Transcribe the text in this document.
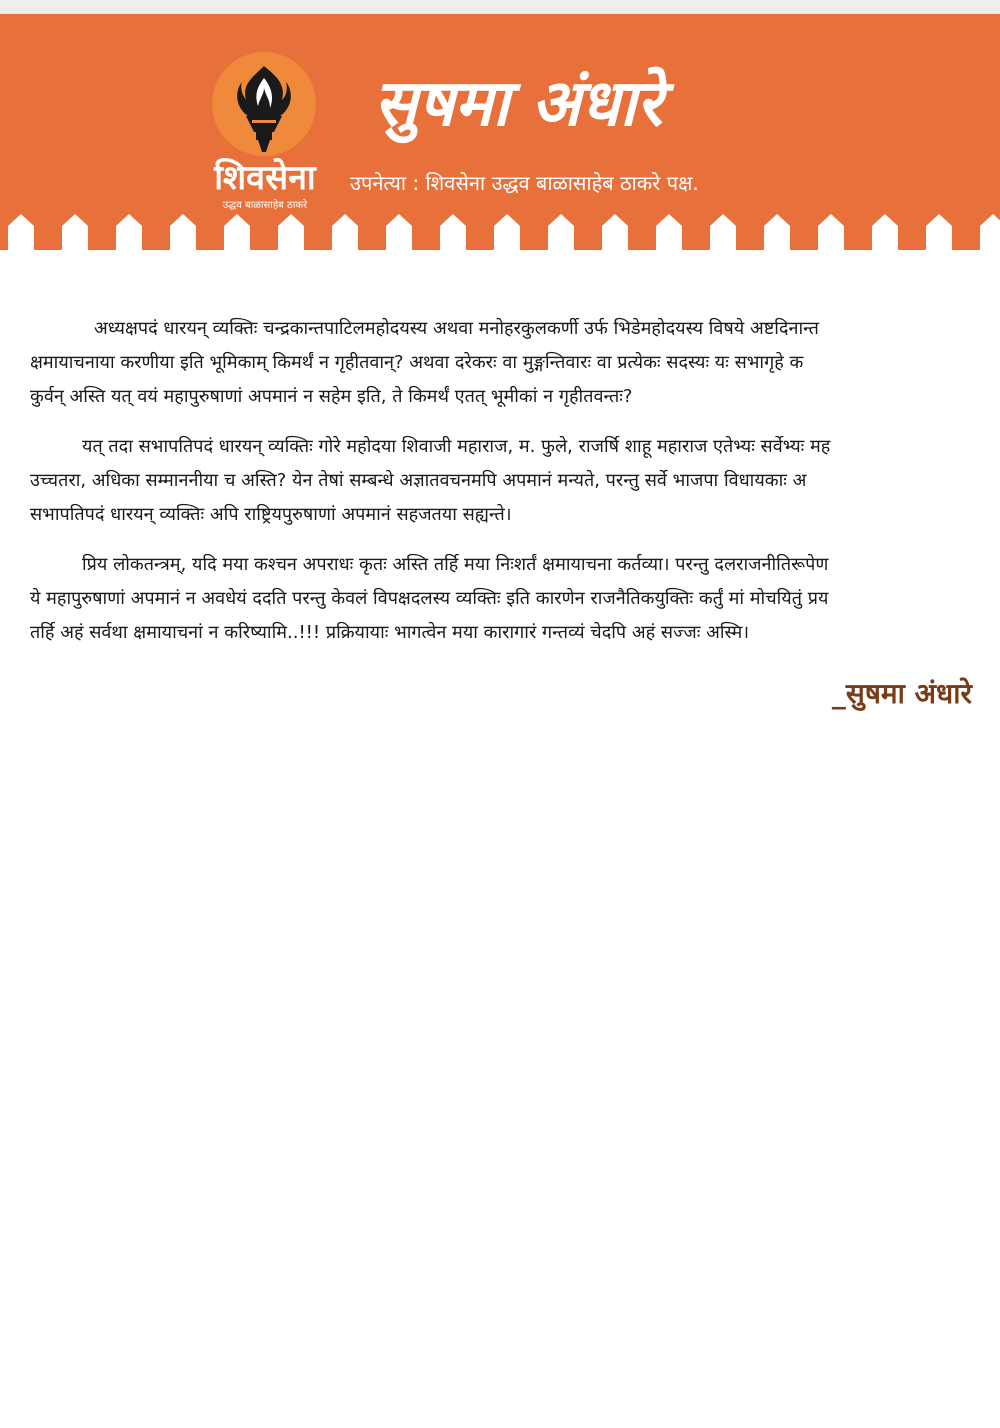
शिवसेना
उद्धव बाळासाहेब ठाकरे
सुषमा अंधारे
उपनेत्या : शिवसेना उद्धव बाळासाहेब ठाकरे पक्ष.
अध्यक्षपदं धारयन् व्यक्तिः चन्द्रकान्तपाटिलमहोदयस्य अथवा मनोहरकुलकर्णी उर्फ भिडेमहोदयस्य विषये अष्टदिनान्त
क्षमायाचनाया करणीया इति भूमिकाम् किमर्थं न गृहीतवान्? अथवा दरेकरः वा मुङ्गन्तिवारः वा प्रत्येकः सदस्यः यः सभागृहे क
कुर्वन् अस्ति यत् वयं महापुरुषाणां अपमानं न सहेम इति, ते किमर्थं एतत् भूमीकां न गृहीतवन्तः?
यत् तदा सभापतिपदं धारयन् व्यक्तिः गोरे महोदया शिवाजी महाराज, म. फुले, राजर्षि शाहू महाराज एतेभ्यः सर्वेभ्यः मह
उच्चतरा, अधिका सम्माननीया च अस्ति? येन तेषां सम्बन्धे अज्ञातवचनमपि अपमानं मन्यते, परन्तु सर्वे भाजपा विधायकाः अ
सभापतिपदं धारयन् व्यक्तिः अपि राष्ट्रियपुरुषाणां अपमानं सहजतया सह्यन्ते।
प्रिय लोकतन्त्रम्, यदि मया कश्चन अपराधः कृतः अस्ति तर्हि मया निःशर्तं क्षमायाचना कर्तव्या। परन्तु दलराजनीतिरूपेण
ये महापुरुषाणां अपमानं न अवधेयं ददति परन्तु केवलं विपक्षदलस्य व्यक्तिः इति कारणेन राजनैतिकयुक्तिः कर्तुं मां मोचयितुं प्रय
तर्हि अहं सर्वथा क्षमायाचनां न करिष्यामि..!!! प्रक्रियायाः भागत्वेन मया कारागारं गन्तव्यं चेदपि अहं सज्जः अस्मि।
_सुषमा अंधारे
